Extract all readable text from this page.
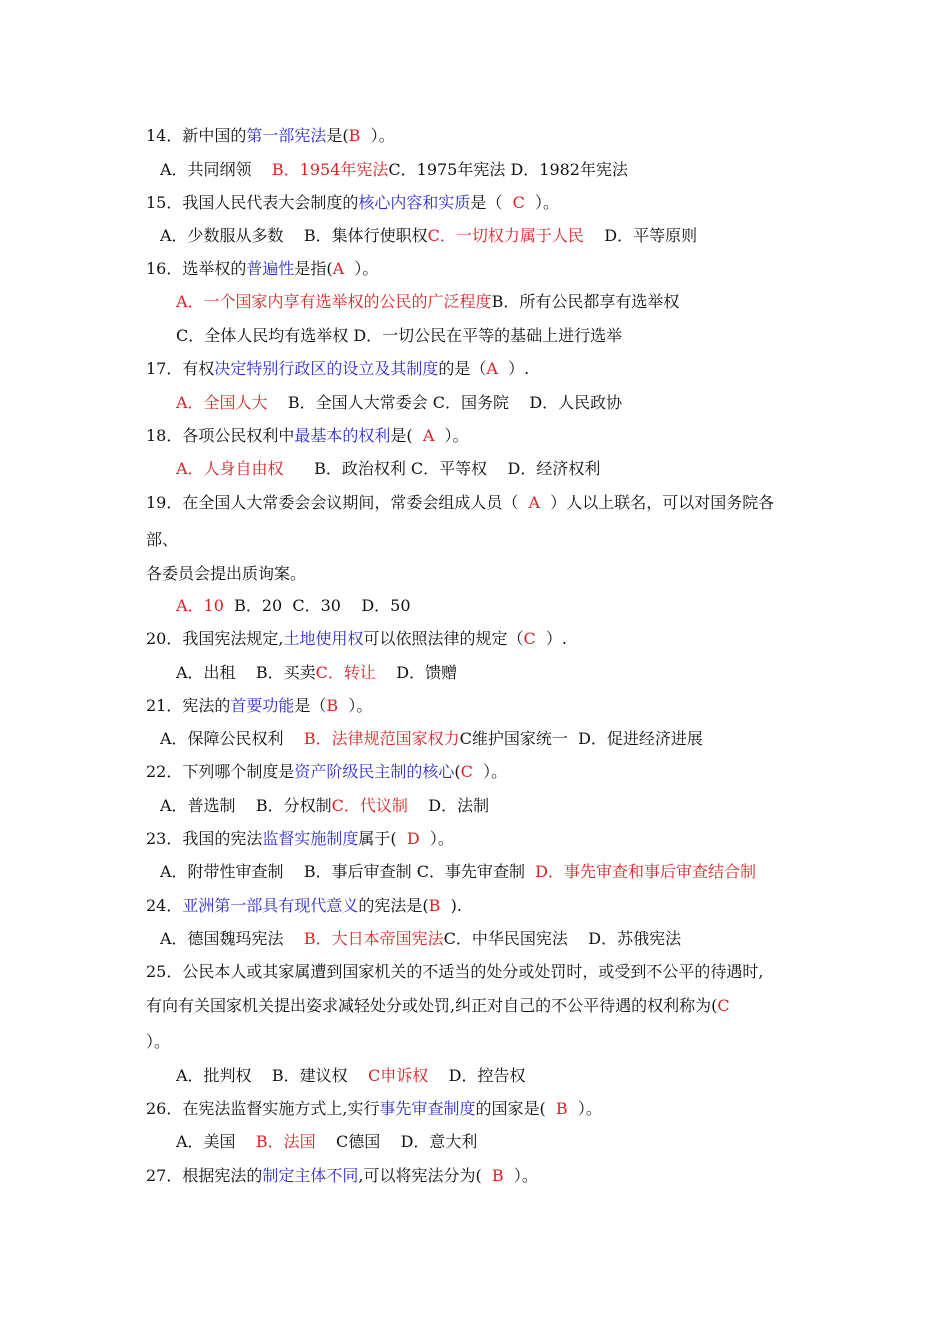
14．新中国的第一部宪法是(B  ）。
A．共同纲领    B．1954年宪法C．1975年宪法 D．1982年宪法
15．我国人民代表大会制度的核心内容和实质是（  C  ）。
A．少数服从多数    B．集体行使职权C．一切权力属于人民    D．平等原则
16．选举权的普遍性是指(A  ）。
A．一个国家内享有选举权的公民的广泛程度B．所有公民都享有选举权
C．全体人民均有选举权 D．一切公民在平等的基础上进行选举
17．有权决定特别行政区的设立及其制度的是（A  ）.
A．全国人大    B．全国人大常委会 C．国务院    D．人民政协
18．各项公民权利中最基本的权利是(  A  ）。
A．人身自由权      B．政治权利 C．平等权    D．经济权利
19．在全国人大常委会会议期间，常委会组成人员（  A  ）人以上联名，可以对国务院各
部、
各委员会提出质询案。
A．10  B．20  C．30    D．50
20．我国宪法规定,土地使用权可以依照法律的规定（C  ）.
A．出租    B．买卖C．转让    D．馈赠
21．宪法的首要功能是（B  ）。
A．保障公民权利    B．法律规范国家权力C维护国家统一  D．促进经济进展
22．下列哪个制度是资产阶级民主制的核心(C  ）。
A．普选制    B．分权制C．代议制    D．法制
23．我国的宪法监督实施制度属于(  D  ）。
A．附带性审查制    B．事后审查制 C．事先审查制  D．事先审查和事后审查结合制
24．亚洲第一部具有现代意义的宪法是(B  ).
A．德国魏玛宪法    B．大日本帝国宪法C．中华民国宪法    D．苏俄宪法
25．公民本人或其家属遭到国家机关的不适当的处分或处罚时，或受到不公平的待遇时,
有向有关国家机关提出姿求减轻处分或处罚,纠正对自己的不公平待遇的权利称为(C
）。
A．批判权    B．建议权    C申诉权    D．控告权
26．在宪法监督实施方式上,实行事先审查制度的国家是(  B  ）。
A．美国    B．法国    C德国    D．意大利
27．根据宪法的制定主体不同,可以将宪法分为(  B  ）。
